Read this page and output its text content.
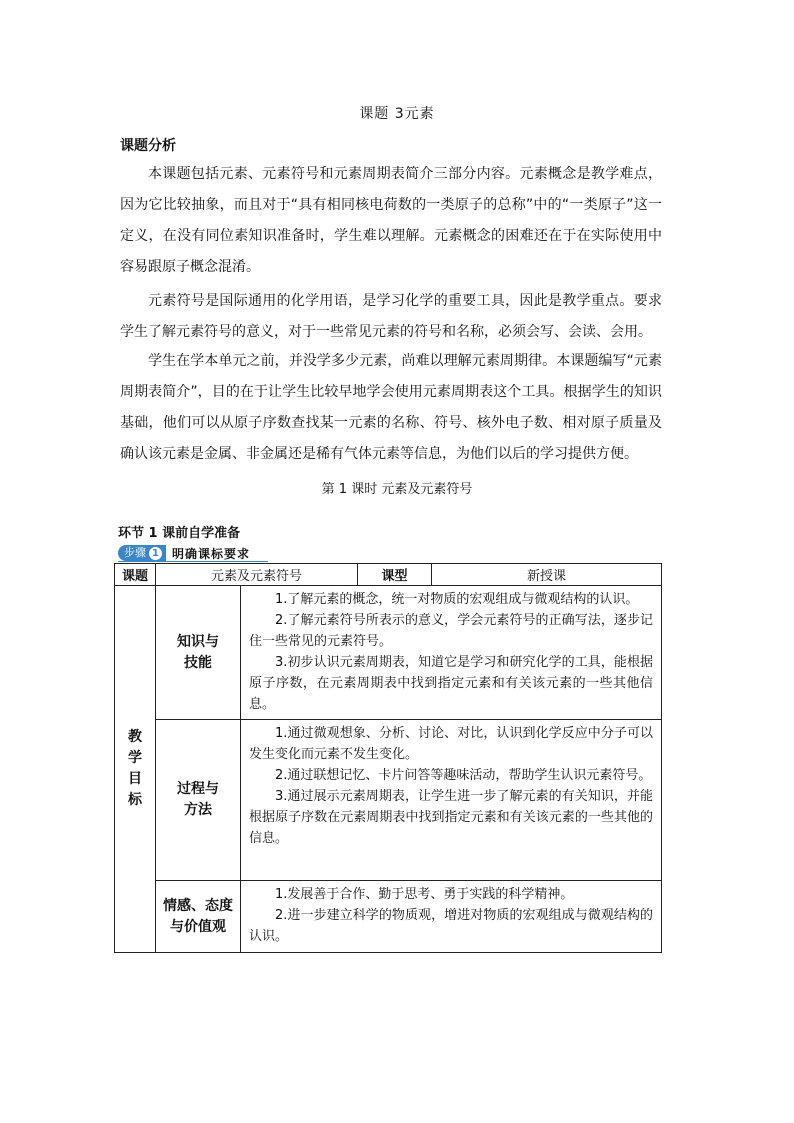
课题 3元素
课题分析

本课题包括元素、元素符号和元素周期表简介三部分内容。元素概念是教学难点，因为它比较抽象，而且对于“具有相同核电荷数的一类原子的总称”中的“一类原子”这一定义，在没有同位素知识准备时，学生难以理解。元素概念的困难还在于在实际使用中容易跟原子概念混淆。

元素符号是国际通用的化学用语，是学习化学的重要工具，因此是教学重点。要求学生了解元素符号的意义，对于一些常见元素的符号和名称，必须会写、会读、会用。

学生在学本单元之前，并没学多少元素，尚难以理解元素周期律。本课题编写“元素周期表简介”，目的在于让学生比较早地学会使用元素周期表这个工具。根据学生的知识基础，他们可以从原子序数查找某一元素的名称、符号、核外电子数、相对原子质量及确认该元素是金属、非金属还是稀有气体元素等信息，为他们以后的学习提供方便。

第 1 课时 元素及元素符号
环节 1 课前自学准备
步骤 1 明确课标要求
课题	元素及元素符号		课型	新授课
教学目标	知识与技能	1.了解元素的概念，统一对物质的宏观组成与微观结构的认识。

2.了解元素符号所表示的意义，学会元素符号的正确写法，逐步记住一些常见的元素符号。

3.初步认识元素周期表，知道它是学习和研究化学的工具，能根据原子序数，在元素周期表中找到指定元素和有关该元素的一些其他信息。		

	过程与方法	1.通过微观想象、分析、讨论、对比，认识到化学反应中分子可以发生变化而元素不发生变化。

2.通过联想记忆、卡片问答等趣味活动，帮助学生认识元素符号。

3.通过展示元素周期表，让学生进一步了解元素的有关知识，并能根据原子序数在元素周期表中找到指定元素和有关该元素的一些其他的信息。		

	情感、态度与价值观	1.发展善于合作、勤于思考、勇于实践的科学精神。

2.进一步建立科学的物质观，增进对物质的宏观组成与微观结构的认识。		
